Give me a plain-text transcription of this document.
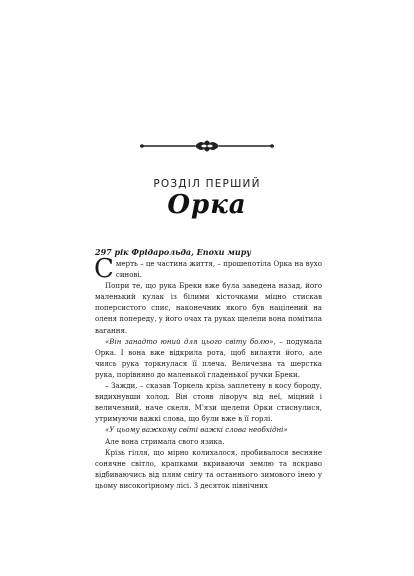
РОЗДІЛ ПЕРШИЙ
Орка
297 рік Фрідарольда, Епохи миру

Смерть – це частина життя, – прошепотіла Орка на вухо синові.

Попри те, що рука Бреки вже була заведена назад, його маленький кулак із білими кісточками міцно стискав поперсистого спис, наконечник якого був націлений на оленя попереду, у його очах та руках щелепи вона помітила вагання.

«Він занадто юний для цього світу болю», – подумала Орка. І вона вже відкрила рота, щоб вилаяти його, але чиясь рука торкнулася її плеча. Величезна та шерстка рука, порівняно до маленької гладенької ручки Бреки.

– Зажди, – сказав Торкель крізь заплетену в косу бороду, видихнувши холод. Він стояв ліворуч від неї, міцний і величезний, наче скеля. М'язи щелепи Орки стиснулися, утримуючи важкі слова, що були вже в її горлі.

«У цьому важкому світі важкі слова необхідні»

Але вона стримала свого язика.

Крізь гілля, що мірно колихалося, пробивалося весняне сонячне світло, крапками вкриваючи землю та яскраво відбиваючись від плям снігу та останнього зимового інею у цьому високогірному лісі. З десяток північних
